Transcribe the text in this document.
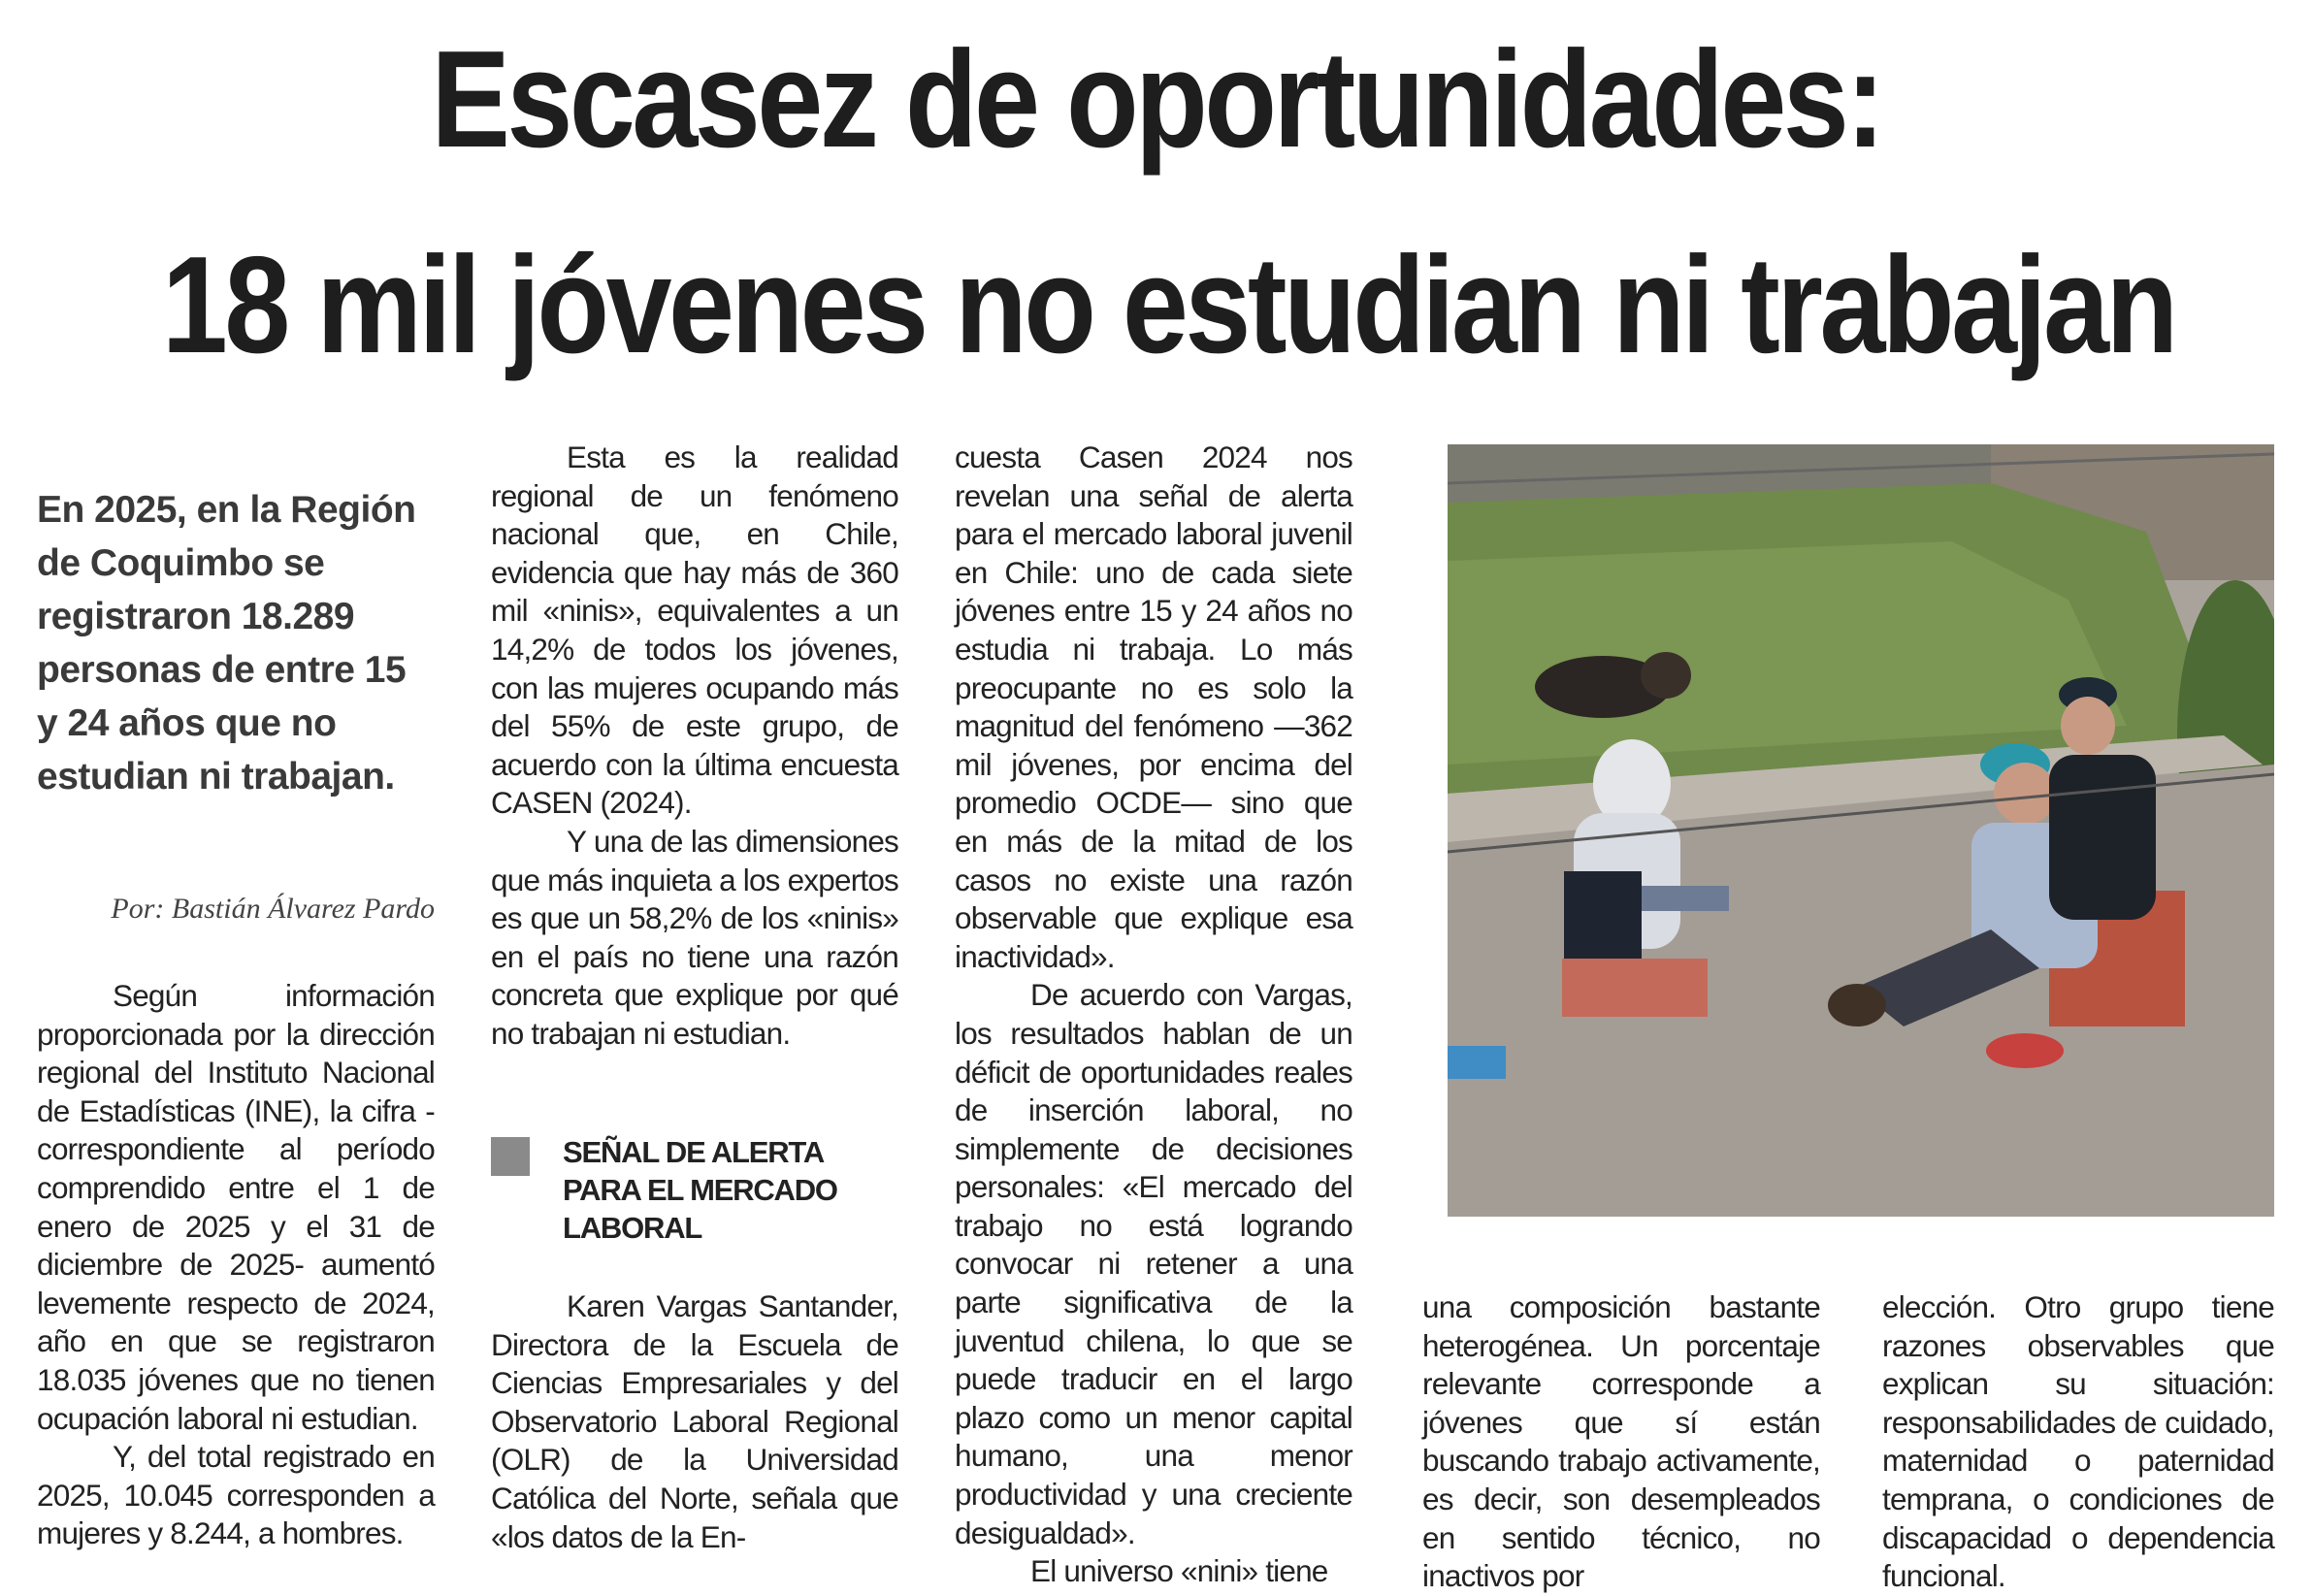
Escasez de oportunidades:
18 mil jóvenes no estudian ni trabajan

En 2025, en la Región de Coquimbo se registraron 18.289 personas de entre 15 y 24 años que no estudian ni trabajan.

Por: Bastián Álvarez Pardo

Según información proporcionada por la dirección regional del Instituto Nacional de Estadísticas (INE), la cifra -correspondiente al período comprendido entre el 1 de enero de 2025 y el 31 de diciembre de 2025- aumentó levemente respecto de 2024, año en que se registraron 18.035 jóvenes que no tienen ocupación laboral ni estudian.

Y, del total registrado en 2025, 10.045 corresponden a mujeres y 8.244, a hombres.

Esta es la realidad regional de un fenómeno nacional que, en Chile, evidencia que hay más de 360 mil «ninis», equivalentes a un 14,2% de todos los jóvenes, con las mujeres ocupando más del 55% de este grupo, de acuerdo con la última encuesta CASEN (2024).

Y una de las dimensiones que más inquieta a los expertos es que un 58,2% de los «ninis» en el país no tiene una razón concreta que explique por qué no trabajan ni estudian.

SEÑAL DE ALERTA PARA EL MERCADO LABORAL

Karen Vargas Santander, Directora de la Escuela de Ciencias Empresariales y del Observatorio Laboral Regional (OLR) de la Universidad Católica del Norte, señala que «los datos de la En-

cuesta Casen 2024 nos revelan una señal de alerta para el mercado laboral juvenil en Chile: uno de cada siete jóvenes entre 15 y 24 años no estudia ni trabaja. Lo más preocupante no es solo la magnitud del fenómeno —362 mil jóvenes, por encima del promedio OCDE— sino que en más de la mitad de los casos no existe una razón observable que explique esa inactividad».

De acuerdo con Vargas, los resultados hablan de un déficit de oportunidades reales de inserción laboral, no simplemente de decisiones personales: «El mercado del trabajo no está logrando convocar ni retener a una parte significativa de la juventud chilena, lo que se puede traducir en el largo plazo como un menor capital humano, una menor productividad y una creciente desigualdad».

El universo «nini» tiene

una composición bastante heterogénea. Un porcentaje relevante corresponde a jóvenes que sí están buscando trabajo activamente, es decir, son desempleados en sentido técnico, no inactivos por

elección. Otro grupo tiene razones observables que explican su situación: responsabilidades de cuidado, maternidad o paternidad temprana, o condiciones de discapacidad o dependencia funcional.
